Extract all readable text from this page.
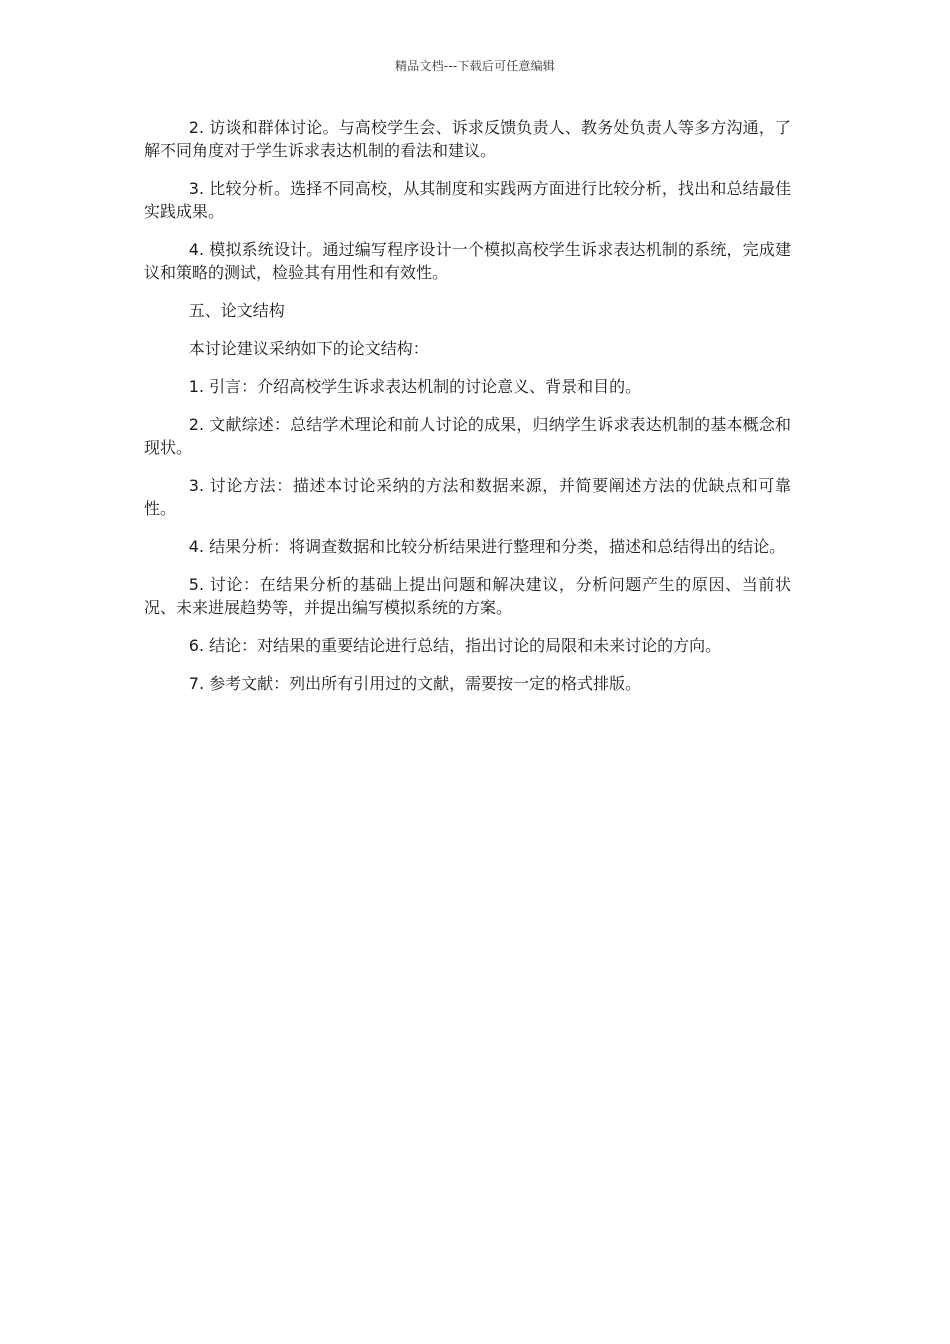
精品文档---下载后可任意编辑

2. 访谈和群体讨论。与高校学生会、诉求反馈负责人、教务处负责人等多方沟通，了解不同角度对于学生诉求表达机制的看法和建议。

3. 比较分析。选择不同高校，从其制度和实践两方面进行比较分析，找出和总结最佳实践成果。

4. 模拟系统设计。通过编写程序设计一个模拟高校学生诉求表达机制的系统，完成建议和策略的测试，检验其有用性和有效性。

五、论文结构

本讨论建议采纳如下的论文结构：

1. 引言：介绍高校学生诉求表达机制的讨论意义、背景和目的。

2. 文献综述：总结学术理论和前人讨论的成果，归纳学生诉求表达机制的基本概念和现状。

3. 讨论方法：描述本讨论采纳的方法和数据来源，并简要阐述方法的优缺点和可靠性。

4. 结果分析：将调查数据和比较分析结果进行整理和分类，描述和总结得出的结论。

5. 讨论：在结果分析的基础上提出问题和解决建议，分析问题产生的原因、当前状况、未来进展趋势等，并提出编写模拟系统的方案。

6. 结论：对结果的重要结论进行总结，指出讨论的局限和未来讨论的方向。

7. 参考文献：列出所有引用过的文献，需要按一定的格式排版。
